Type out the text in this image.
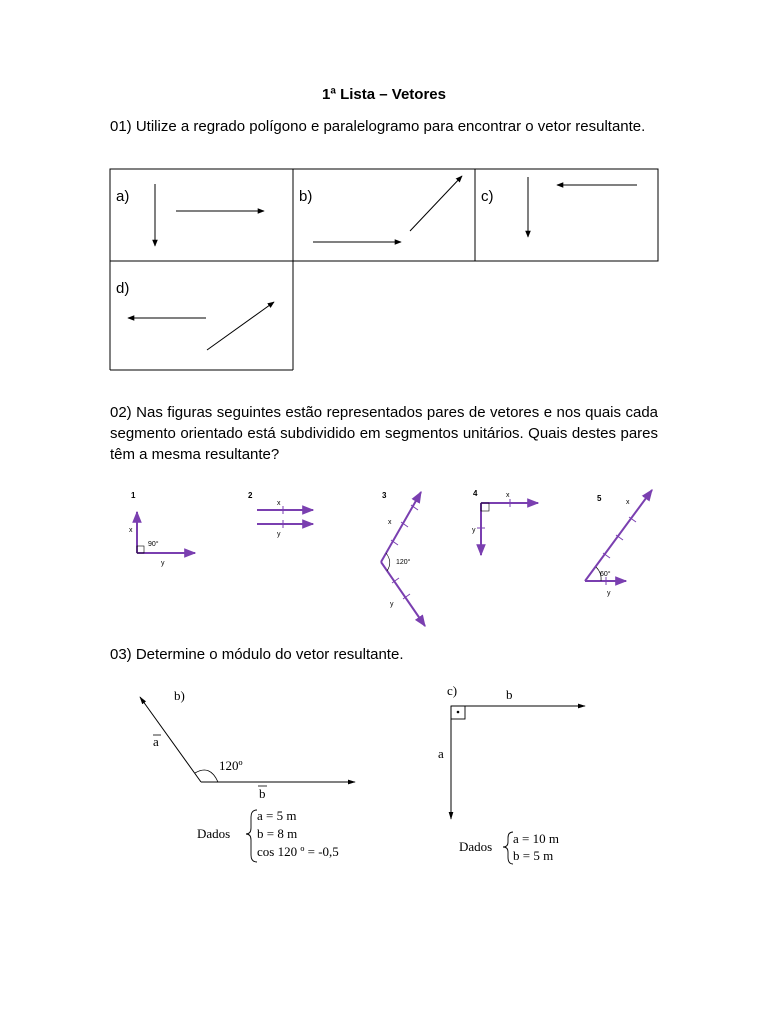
1ª Lista – Vetores
01) Utilize a regrado polígono e paralelogramo para encontrar o vetor resultante.
a)	b)	c)
d)
02) Nas figuras seguintes estão representados pares de vetores e nos quais cada segmento orientado está subdividido em segmentos unitários. Quais destes pares têm a mesma resultante?
1
90°
x
y
2
x
y
3
120°
x
y
4	x
y
5
60°
x
y
03) Determine o módulo do vetor resultante.
b)
a
120º
b
c)	b
a
Dados
a = 5 m
b = 8 m
cos 120 º = -0,5	Dados
a = 10 m
b = 5 m
